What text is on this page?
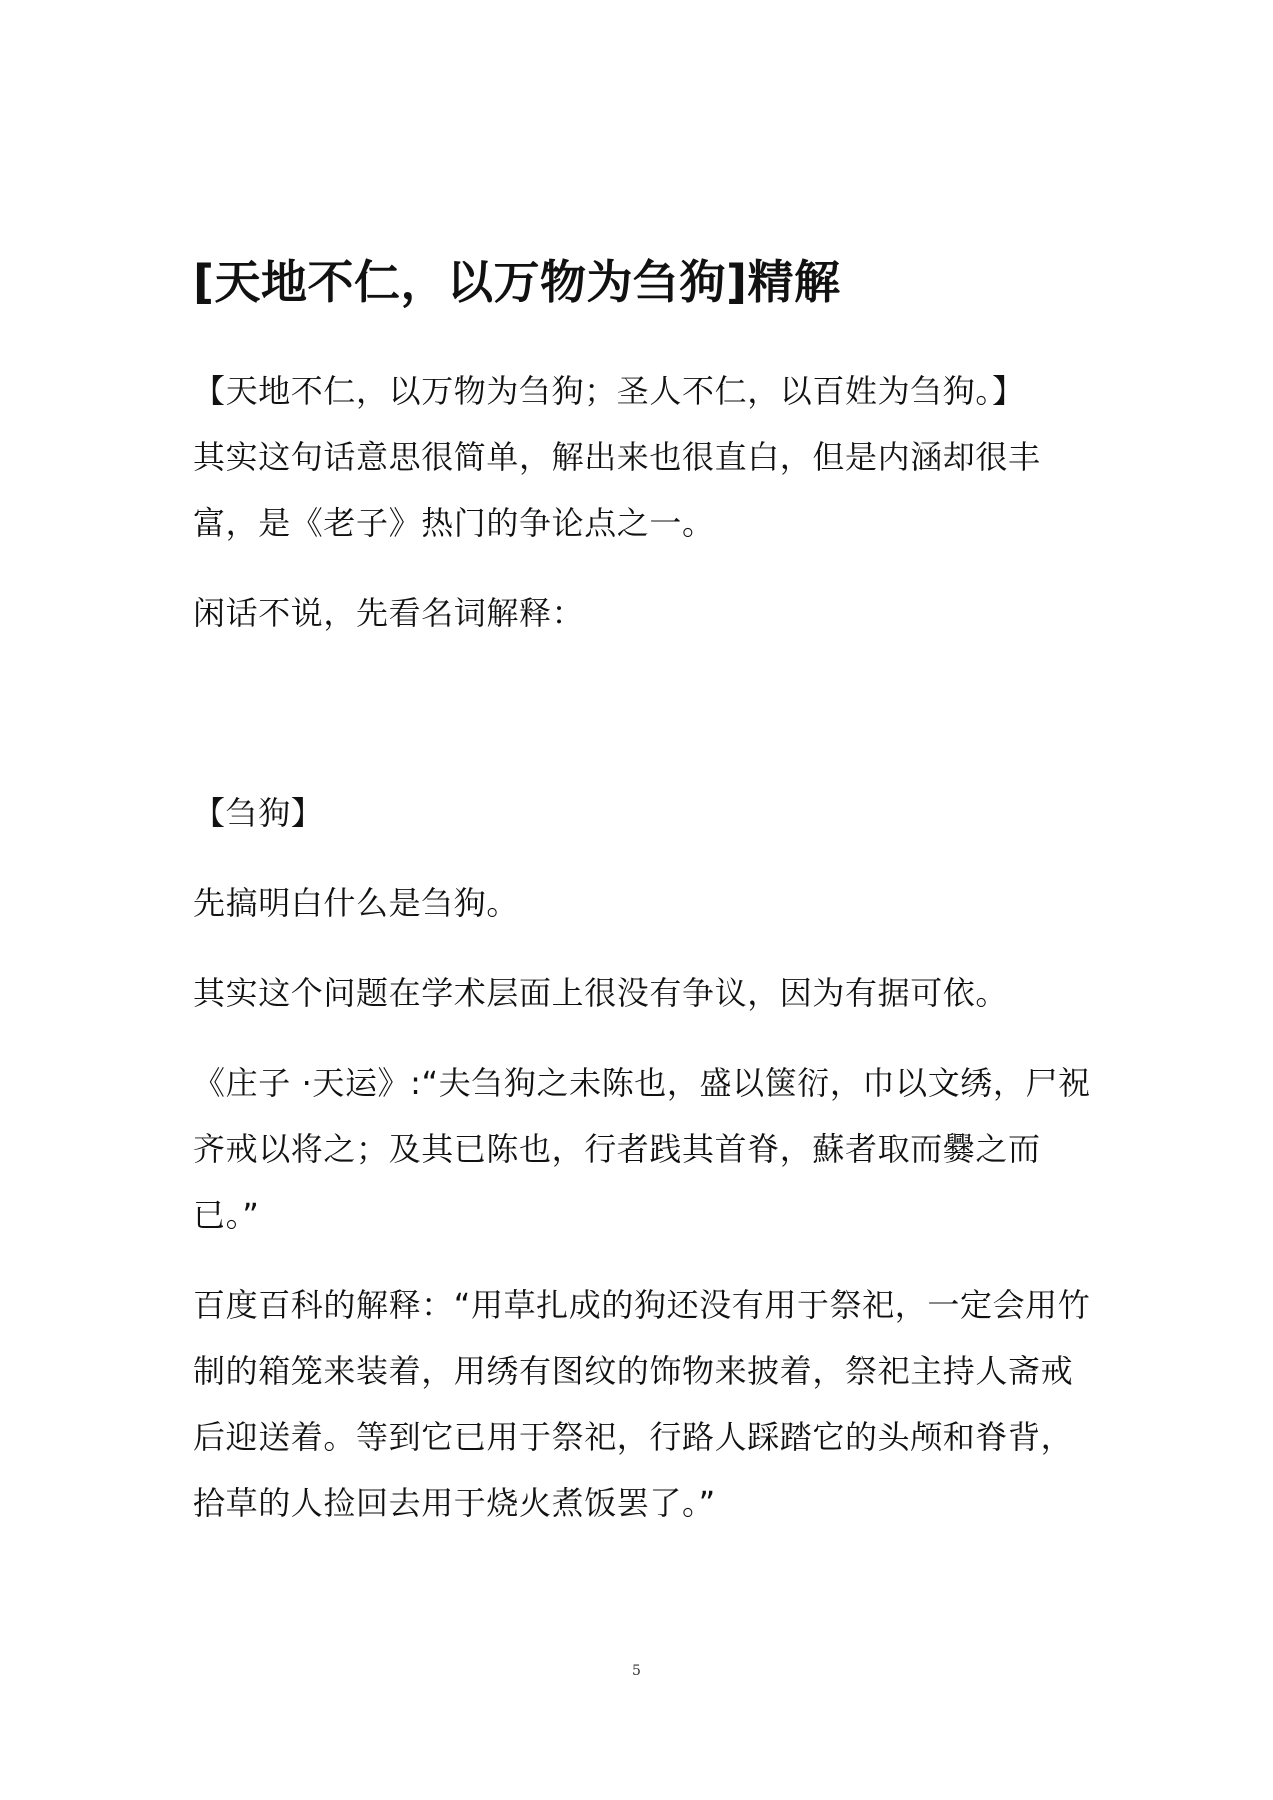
[天地不仁，以万物为刍狗]精解

【天地不仁，以万物为刍狗；圣人不仁，以百姓为刍狗。】

其实这句话意思很简单，解出来也很直白，但是内涵却很丰富，是《老子》热门的争论点之一。

闲话不说，先看名词解释：

【刍狗】

先搞明白什么是刍狗。

其实这个问题在学术层面上很没有争议，因为有据可依。

《庄子 ·天运》:“夫刍狗之未陈也，盛以箧衍，巾以文绣，尸祝齐戒以将之；及其已陈也，行者践其首脊，蘇者取而爨之而已。”

百度百科的解释：“用草扎成的狗还没有用于祭祀，一定会用竹制的箱笼来装着，用绣有图纹的饰物来披着，祭祀主持人斋戒后迎送着。等到它已用于祭祀，行路人踩踏它的头颅和脊背，拾草的人捡回去用于烧火煮饭罢了。”

5
